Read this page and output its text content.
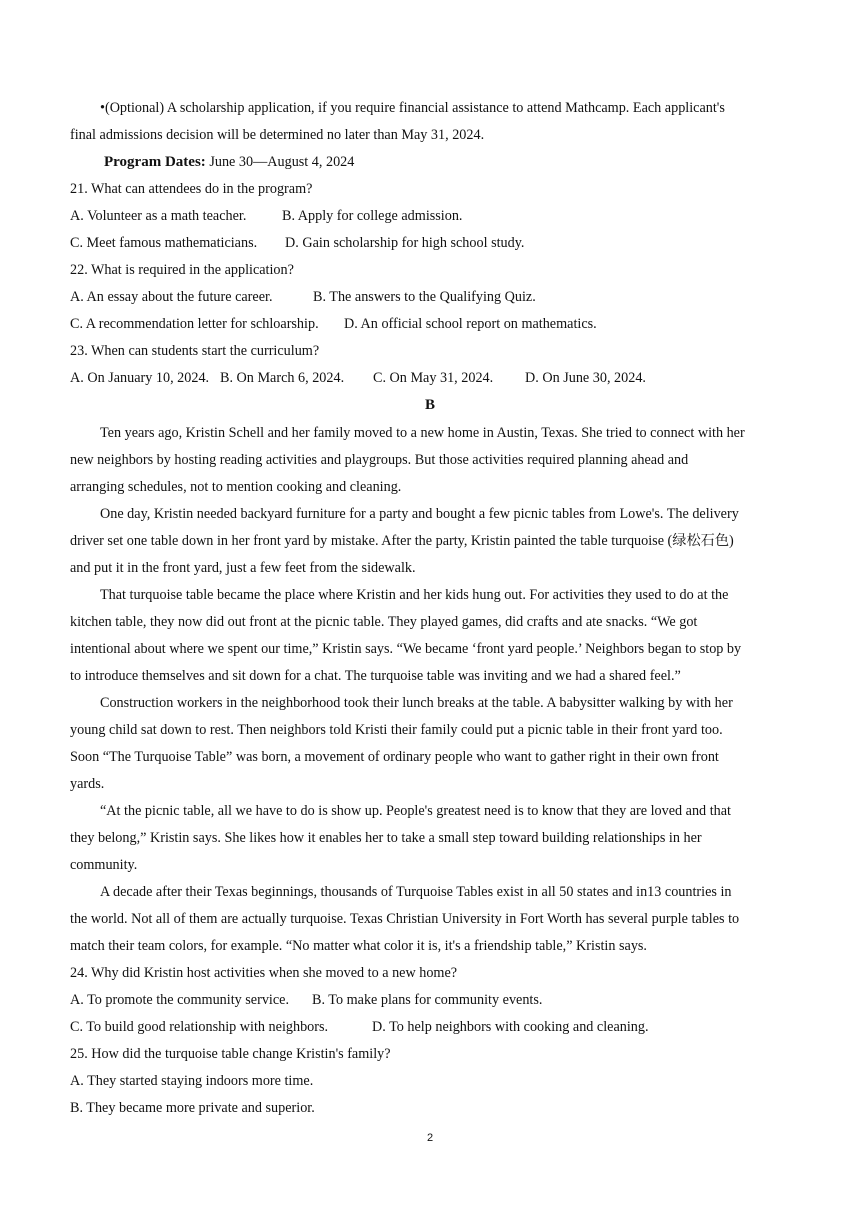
•(Optional) A scholarship application, if you require financial assistance to attend Mathcamp. Each applicant's
final admissions decision will be determined no later than May 31, 2024.
Program Dates: June 30—August 4, 2024
21. What can attendees do in the program?
A. Volunteer as a math teacher.	B. Apply for college admission.
C. Meet famous mathematicians. D. Gain scholarship for high school study.
22. What is required in the application?
A. An essay about the future career.	B. The answers to the Qualifying Quiz.
C. A recommendation letter for schloarship. D. An official school report on mathematics.
23. When can students start the curriculum?
A. On January 10, 2024. B. On March 6, 2024. C. On May 31, 2024. D. On June 30, 2024.
B
Ten years ago, Kristin Schell and her family moved to a new home in Austin, Texas. She tried to connect with her
new neighbors by hosting reading activities and playgroups. But those activities required planning ahead and
arranging schedules, not to mention cooking and cleaning.
One day, Kristin needed backyard furniture for a party and bought a few picnic tables from Lowe's. The delivery
driver set one table down in her front yard by mistake. After the party, Kristin painted the table turquoise (绿松石色)
and put it in the front yard, just a few feet from the sidewalk.
That turquoise table became the place where Kristin and her kids hung out. For activities they used to do at the
kitchen table, they now did out front at the picnic table. They played games, did crafts and ate snacks. “We got
intentional about where we spent our time,” Kristin says. “We became ‘front yard people.’ Neighbors began to stop by
to introduce themselves and sit down for a chat. The turquoise table was inviting and we had a shared feel.”
Construction workers in the neighborhood took their lunch breaks at the table. A babysitter walking by with her
young child sat down to rest. Then neighbors told Kristi their family could put a picnic table in their front yard too.
Soon “The Turquoise Table” was born, a movement of ordinary people who want to gather right in their own front
yards.
“At the picnic table, all we have to do is show up. People's greatest need is to know that they are loved and that
they belong,” Kristin says. She likes how it enables her to take a small step toward building relationships in her
community.
A decade after their Texas beginnings, thousands of Turquoise Tables exist in all 50 states and in13 countries in
the world. Not all of them are actually turquoise. Texas Christian University in Fort Worth has several purple tables to
match their team colors, for example. “No matter what color it is, it's a friendship table,” Kristin says.
24. Why did Kristin host activities when she moved to a new home?
A. To promote the community service. B. To make plans for community events.
C. To build good relationship with neighbors.	D. To help neighbors with cooking and cleaning.
25. How did the turquoise table change Kristin's family?
A. They started staying indoors more time.
B. They became more private and superior.
2
